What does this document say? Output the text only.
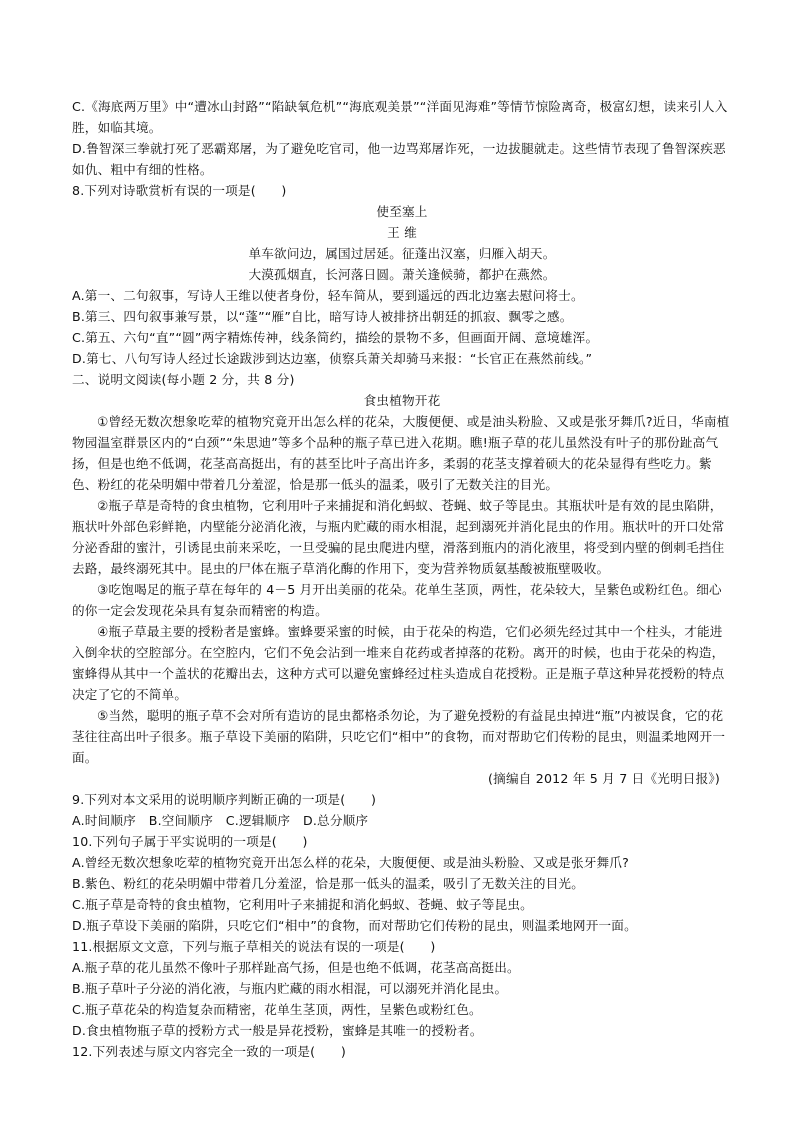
C.《海底两万里》中“遭冰山封路”“陷缺氧危机”“海底观美景”“洋面见海难”等情节惊险离奇，极富幻想，读来引人入胜，如临其境。

D.鲁智深三拳就打死了恶霸郑屠，为了避免吃官司，他一边骂郑屠诈死，一边拔腿就走。这些情节表现了鲁智深疾恶如仇、粗中有细的性格。

8.下列对诗歌赏析有误的一项是(　　)

使至塞上

王 维

单车欲问边，属国过居延。征蓬出汉塞，归雁入胡天。

大漠孤烟直，长河落日圆。萧关逢候骑，都护在燕然。

A.第一、二句叙事，写诗人王维以使者身份，轻车简从，要到遥远的西北边塞去慰问将士。

B.第三、四句叙事兼写景，以“蓬”“雁”自比，暗写诗人被排挤出朝廷的抓寂、飘零之感。

C.第五、六句“直”“圆”两字精炼传神，线条简约，描绘的景物不多，但画面开阔、意境雄浑。

D.第七、八句写诗人经过长途跋涉到达边塞，侦察兵萧关却骑马来报：“长官正在燕然前线。”

二、说明文阅读(每小题 2 分，共 8 分)

食虫植物开花

①曾经无数次想象吃荤的植物究竟开出怎么样的花朵，大腹便便、或是油头粉脸、又或是张牙舞爪?近日，华南植物园温室群景区内的“白颈”“朱思迪”等多个品种的瓶子草已进入花期。瞧!瓶子草的花儿虽然没有叶子的那份趾高气扬，但是也绝不低调，花茎高高挺出，有的甚至比叶子高出许多，柔弱的花茎支撑着硕大的花朵显得有些吃力。紫色、粉红的花朵明媚中带着几分羞涩，恰是那一低头的温柔，吸引了无数关注的目光。

②瓶子草是奇特的食虫植物，它利用叶子来捕捉和消化蚂蚁、苍蝇、蚊子等昆虫。其瓶状叶是有效的昆虫陷阱，瓶状叶外部色彩鲜艳，内壁能分泌消化液，与瓶内贮藏的雨水相混，起到溺死并消化昆虫的作用。瓶状叶的开口处常分泌香甜的蜜汁，引诱昆虫前来采吃，一旦受骗的昆虫爬进内壁，滑落到瓶内的消化液里，将受到内壁的倒刺毛挡住去路，最终溺死其中。昆虫的尸体在瓶子草消化酶的作用下，变为营养物质氨基酸被瓶壁吸收。

③吃饱喝足的瓶子草在每年的 4－5 月开出美丽的花朵。花单生茎顶，两性，花朵较大，呈紫色或粉红色。细心的你一定会发现花朵具有复杂而精密的构造。

④瓶子草最主要的授粉者是蜜蜂。蜜蜂要采蜜的时候，由于花朵的构造，它们必须先经过其中一个柱头，才能进入倒伞状的空腔部分。在空腔内，它们不免会沾到一堆来自花药或者掉落的花粉。离开的时候，也由于花朵的构造，蜜蜂得从其中一个盖状的花瓣出去，这种方式可以避免蜜蜂经过柱头造成自花授粉。正是瓶子草这种异花授粉的特点决定了它的不简单。

⑤当然，聪明的瓶子草不会对所有造访的昆虫都格杀勿论，为了避免授粉的有益昆虫掉进“瓶”内被误食，它的花茎往往高出叶子很多。瓶子草设下美丽的陷阱，只吃它们“相中”的食物，而对帮助它们传粉的昆虫，则温柔地网开一面。

(摘编自 2012 年 5 月 7 日《光明日报》)

9.下列对本文采用的说明顺序判断正确的一项是(　　)

A.时间顺序　B.空间顺序　C.逻辑顺序　D.总分顺序

10.下列句子属于平实说明的一项是(　　)

A.曾经无数次想象吃荤的植物究竟开出怎么样的花朵，大腹便便、或是油头粉脸、又或是张牙舞爪?

B.紫色、粉红的花朵明媚中带着几分羞涩，恰是那一低头的温柔，吸引了无数关注的目光。

C.瓶子草是奇特的食虫植物，它利用叶子来捕捉和消化蚂蚁、苍蝇、蚊子等昆虫。

D.瓶子草设下美丽的陷阱，只吃它们“相中”的食物，而对帮助它们传粉的昆虫，则温柔地网开一面。

11.根据原文文意，下列与瓶子草相关的说法有误的一项是(　　)

A.瓶子草的花儿虽然不像叶子那样趾高气扬，但是也绝不低调，花茎高高挺出。

B.瓶子草叶子分泌的消化液，与瓶内贮藏的雨水相混，可以溺死并消化昆虫。

C.瓶子草花朵的构造复杂而精密，花单生茎顶，两性，呈紫色或粉红色。

D.食虫植物瓶子草的授粉方式一般是异花授粉，蜜蜂是其唯一的授粉者。

12.下列表述与原文内容完全一致的一项是(　　)
